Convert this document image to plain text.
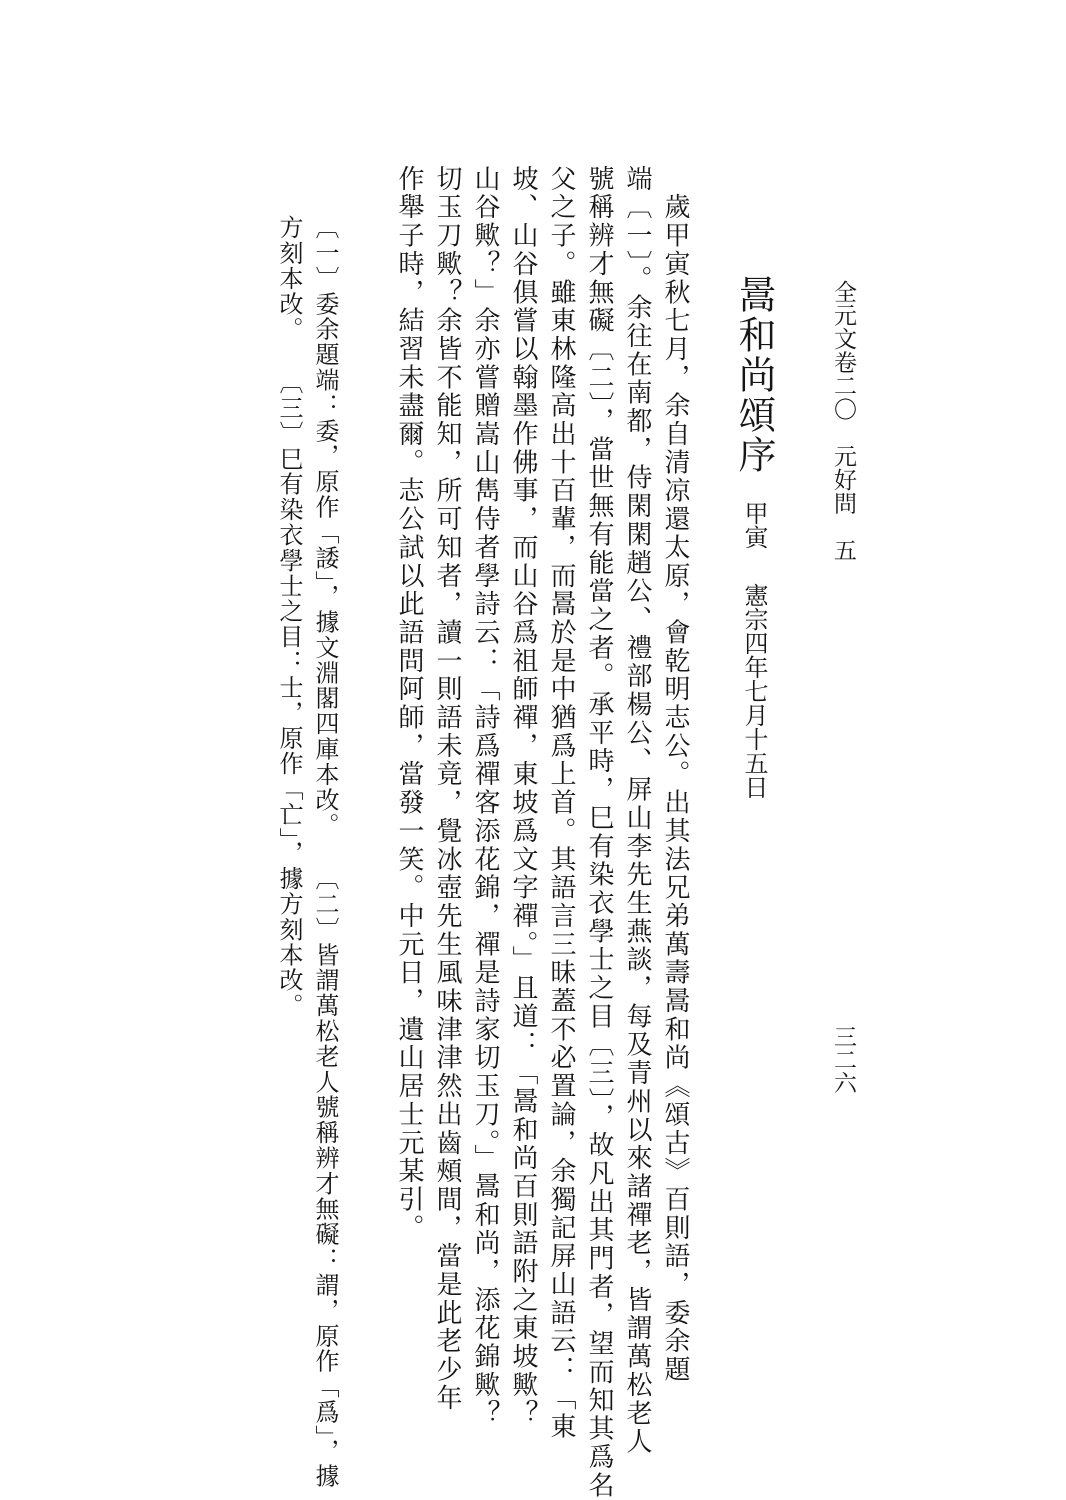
全元文卷二〇　元好問　五
三二六
暠和尚頌序甲寅憲宗四年七月十五日

　歲甲寅秋七月，余自清凉還太原，會乾明志公。出其法兄弟萬壽暠和尚《頌古》百則語，委余題

端〔一〕。余往在南都，侍閑閑趙公、禮部楊公、屏山李先生燕談，每及青州以來諸禪老，皆謂萬松老人

號稱辨才無礙〔二〕，當世無有能當之者。承平時，巳有染衣學士之目〔三〕，故凡出其門者，望而知其爲名

父之子。雖東林隆高出十百輩，而暠於是中猶爲上首。其語言三昧蓋不必置論，余獨記屏山語云：「東

坡、山谷俱嘗以翰墨作佛事，而山谷爲祖師禪，東坡爲文字禪。」且道：「暠和尚百則語附之東坡歟？

山谷歟？」余亦嘗贈嵩山雋侍者學詩云：「詩爲禪客添花錦，禪是詩家切玉刀。」暠和尚，添花錦歟？

切玉刀歟？余皆不能知，所可知者，讀一則語未竟，覺冰壺先生風味津津然出齒頰間，當是此老少年

作舉子時，結習未盡爾。志公試以此語問阿師，當發一笑。中元日，遺山居士元某引。

〔一〕委余題端：委，原作「諉」，據文淵閣四庫本改。〔二〕皆謂萬松老人號稱辨才無礙：謂，原作「爲」，據

方刻本改。〔三〕巳有染衣學士之目：士，原作「亡」，據方刻本改。
